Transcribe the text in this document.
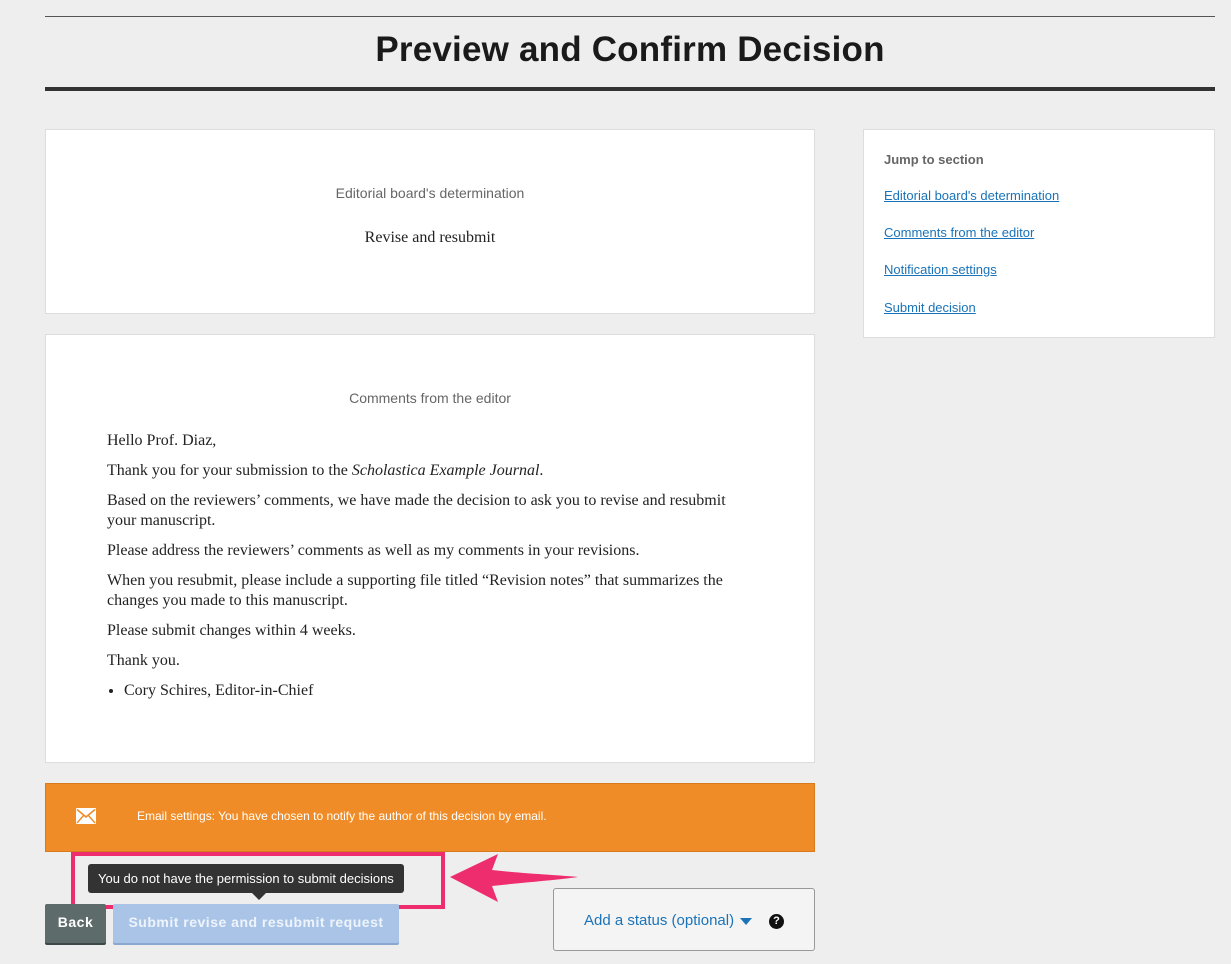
Preview and Confirm Decision
Editorial board's determination
Revise and resubmit
Comments from the editor

Hello Prof. Diaz,

Thank you for your submission to the Scholastica Example Journal.

Based on the reviewers’ comments, we have made the decision to ask you to revise and resubmit your manuscript.

Please address the reviewers’ comments as well as my comments in your revisions.

When you resubmit, please include a supporting file titled “Revision notes” that summarizes the changes you made to this manuscript.

Please submit changes within 4 weeks.

Thank you.

• Cory Schires, Editor-in-Chief
Jump to section
Editorial board's determination
Comments from the editor
Notification settings
Submit decision
Email settings: You have chosen to notify the author of this decision by email.
You do not have the permission to submit decisions
Back	Submit revise and resubmit request	Add a status (optional)	?
